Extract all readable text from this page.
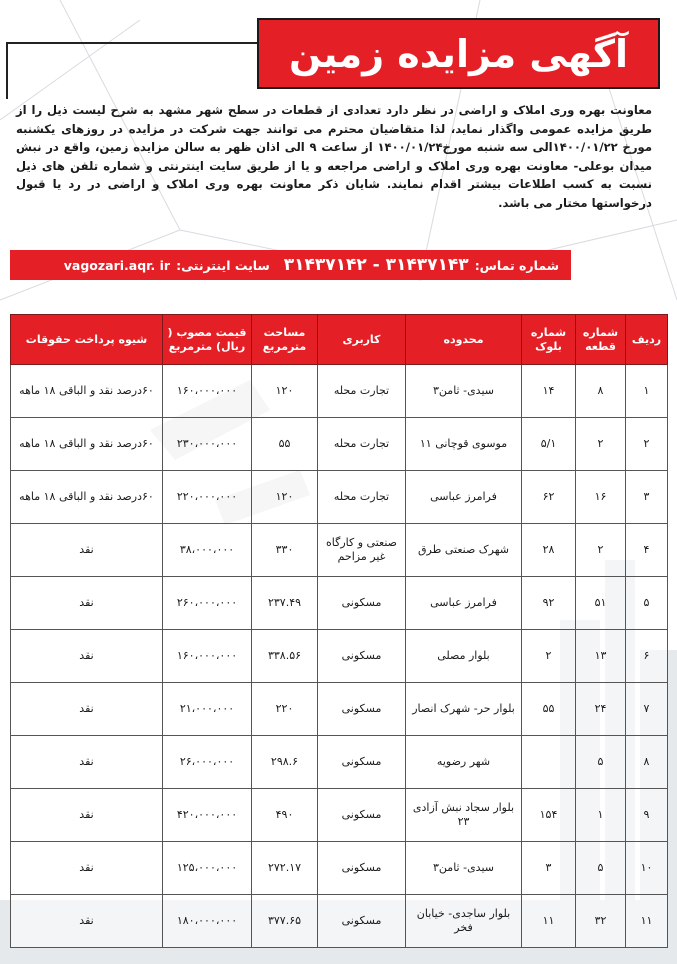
آگهی مزایده زمین

معاونت بهره وری املاک و اراضی در نظر دارد تعدادی از قطعات در سطح شهر مشهد به شرح لیست ذیل را از طریق مزایده عمومی واگذار نماید، لذا متقاضیان محترم می توانند جهت شرکت در مزایده در روزهای یکشنبه مورخ ۱۴۰۰/۰۱/۲۲الی سه شنبه مورخ۱۴۰۰/۰۱/۲۴ از ساعت ۹ الی اذان ظهر به سالن مزایده زمین، واقع در نبش میدان بوعلی- معاونت بهره وری املاک و اراضی مراجعه و یا از طریق سایت اینترنتی و شماره تلفن های ذیل نسبت به کسب اطلاعات بیشتر اقدام نمایند. شایان ذکر معاونت بهره وری املاک و اراضی در رد یا قبول درخواستها مختار می باشد.

شماره تماس:
۳۱۴۳۷۱۴۳ - ۳۱۴۳۷۱۴۲
سایت اینترنتی:
vagozari.aqr. ir
ردیف	شماره قطعه	شماره بلوک	محدوده	کاربری	مساحت مترمربع	قیمت مصوب ( ریال) مترمربع	شیوه پرداخت حقوقات
۱	۸	۱۴	سیدی- ثامن۳	تجارت محله	۱۲۰	۱۶۰،۰۰۰،۰۰۰	۶۰درصد نقد و الباقی ۱۸ ماهه
۲	۲	۵/۱	موسوی قوچانی ۱۱	تجارت محله	۵۵	۲۳۰،۰۰۰،۰۰۰	۶۰درصد نقد و الباقی ۱۸ ماهه
۳	۱۶	۶۲	فرامرز عباسی	تجارت محله	۱۲۰	۲۲۰،۰۰۰،۰۰۰	۶۰درصد نقد و الباقی ۱۸ ماهه
۴	۲	۲۸	شهرک صنعتی طرق	صنعتی و کارگاه غیر مزاحم	۳۳۰	۳۸،۰۰۰،۰۰۰	نقد
۵	۵۱	۹۲	فرامرز عباسی	مسکونی	۲۳۷.۴۹	۲۶۰،۰۰۰،۰۰۰	نقد
۶	۱۳	۲	بلوار مصلی	مسکونی	۳۳۸.۵۶	۱۶۰،۰۰۰،۰۰۰	نقد
۷	۲۴	۵۵	بلوار حر- شهرک انصار	مسکونی	۲۲۰	۲۱،۰۰۰،۰۰۰	نقد
۸	۵		شهر رضویه	مسکونی	۲۹۸.۶	۲۶،۰۰۰،۰۰۰	نقد
۹	۱	۱۵۴	بلوار سجاد نبش آزادی ۲۳	مسکونی	۴۹۰	۴۲۰،۰۰۰،۰۰۰	نقد
۱۰	۵	۳	سیدی- ثامن۳	مسکونی	۲۷۲.۱۷	۱۲۵،۰۰۰،۰۰۰	نقد
۱۱	۳۲	۱۱	بلوار ساجدی- خیابان فخر	مسکونی	۳۷۷.۶۵	۱۸۰،۰۰۰،۰۰۰	نقد
